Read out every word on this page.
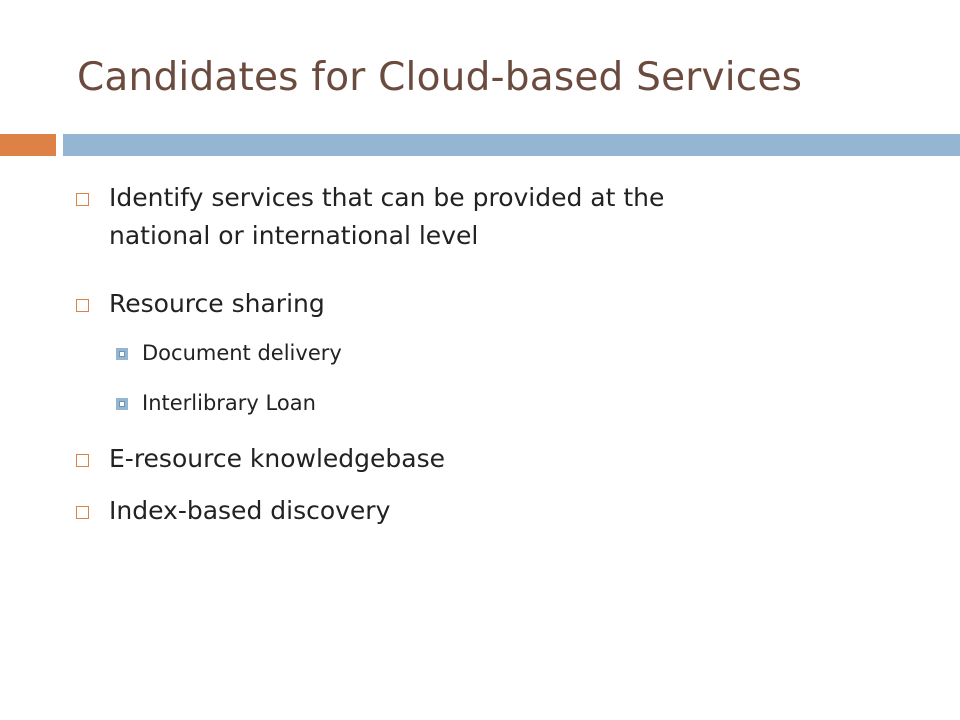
Candidates for Cloud-based Services
Identify services that can be provided at the
national or international level
Resource sharing
Document delivery
Interlibrary Loan
E-resource knowledgebase
Index-based discovery
